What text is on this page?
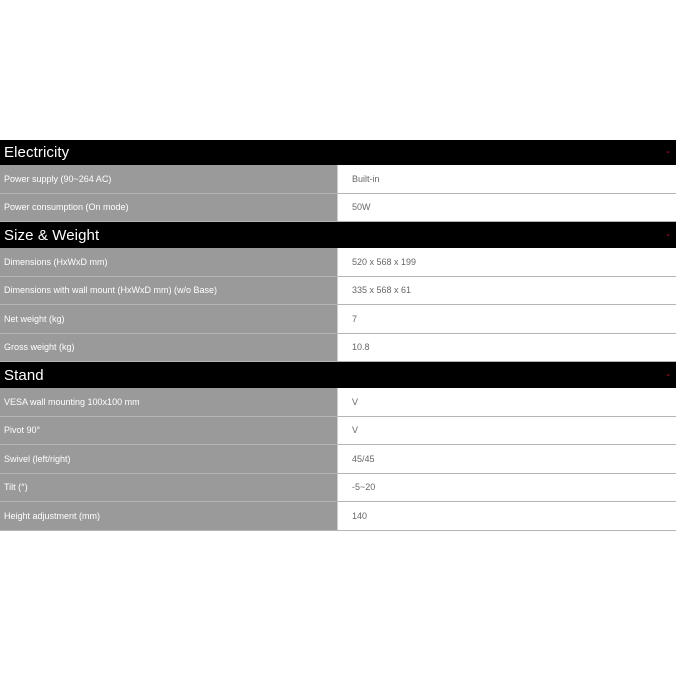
Electricity	-
Power supply (90~264 AC)	Built-in
Power consumption (On mode)	50W
Size & Weight	-
Dimensions (HxWxD mm)	520 x 568 x 199
Dimensions with wall mount (HxWxD mm) (w/o Base)	335 x 568 x 61
Net weight (kg)	7
Gross weight (kg)	10.8
Stand	-
VESA wall mounting 100x100 mm	V
Pivot 90°	V
Swivel (left/right)	45/45
Tilt (°)	-5~20
Height adjustment (mm)	140
